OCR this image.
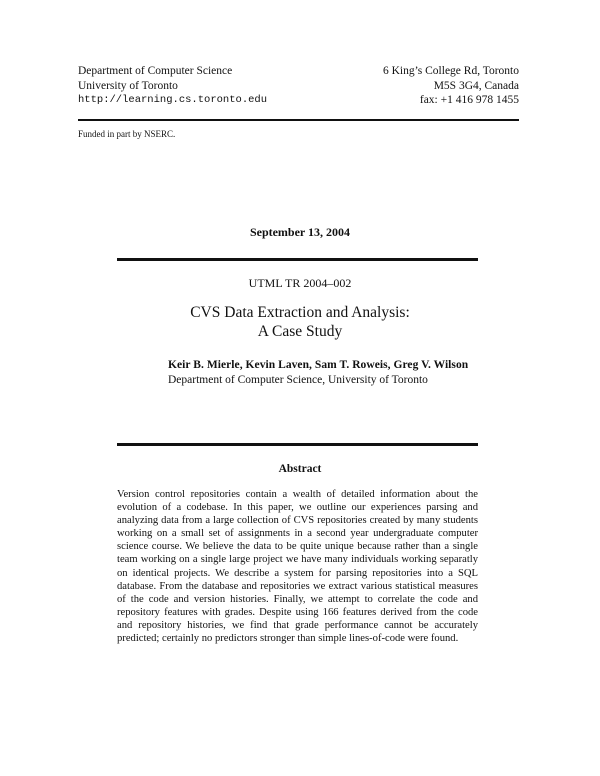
Department of Computer Science
University of Toronto
http://learning.cs.toronto.edu
6 King’s College Rd, Toronto
M5S 3G4, Canada
fax: +1 416 978 1455
Funded in part by NSERC.
September 13, 2004
UTML TR 2004–002
CVS Data Extraction and Analysis:
A Case Study
Keir B. Mierle, Kevin Laven, Sam T. Roweis, Greg V. Wilson
Department of Computer Science, University of Toronto
Abstract
Version control repositories contain a wealth of detailed information about the evolution of a codebase. In this paper, we outline our experiences parsing and analyzing data from a large collection of CVS repositories created by many students working on a small set of assignments in a second year undergraduate computer science course. We believe the data to be quite unique because rather than a single team working on a single large project we have many individuals working separatly on identical projects. We describe a system for parsing repositories into a SQL database. From the database and repositories we extract various statistical measures of the code and version histories. Finally, we attempt to correlate the code and repository features with grades. Despite using 166 features derived from the code and repository histories, we find that grade performance cannot be accurately predicted; certainly no predictors stronger than simple lines-of-code were found.
